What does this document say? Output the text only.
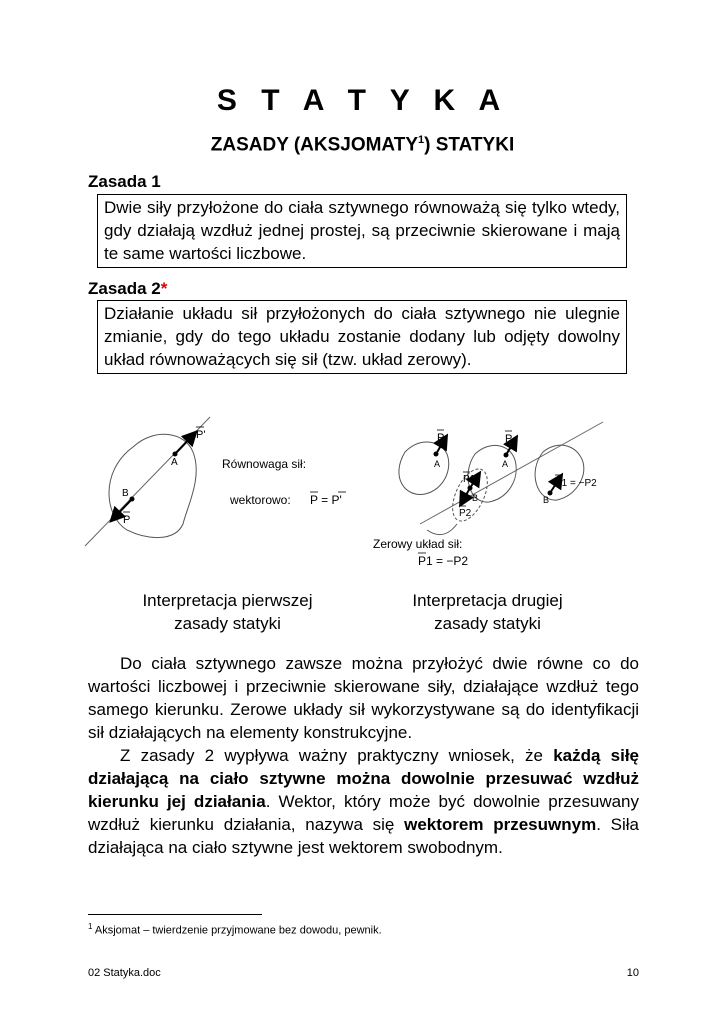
S T A T Y K A
ZASADY (AKSJOMATY$^1$) STATYKI
Zasada 1
Dwie siły przyłożone do ciała sztywnego równoważą się tylko wtedy, gdy działają wzdłuż jednej prostej, są przeciwnie skierowane i mają te same wartości liczbowe.
Zasada 2*
Działanie układu sił przyłożonych do ciała sztywnego nie ulegnie zmianie, gdy do tego układu zostanie dodany lub odjęty dowolny układ równoważących się sił (tzw. układ zerowy).
P'
A
B
P
Równowaga sił:
wektorowo: P = P'
P	P
A	A
P1
B
P2
P1 = −P2
B
Zerowy układ sił:
P1 = −P2
Interpretacja pierwszej
zasady statyki
Interpretacja drugiej
zasady statyki

Do ciała sztywnego zawsze można przyłożyć dwie równe co do wartości liczbowej i przeciwnie skierowane siły, działające wzdłuż tego samego kierunku. Zerowe układy sił wykorzystywane są do identyfikacji sił działających na elementy konstrukcyjne.

Z zasady 2 wypływa ważny praktyczny wniosek, że każdą siłę działającą na ciało sztywne można dowolnie przesuwać wzdłuż kierunku jej działania. Wektor, który może być dowolnie przesuwany wzdłuż kierunku działania, nazywa się wektorem przesuwnym. Siła działająca na ciało sztywne jest wektorem swobodnym.

$^1$ Aksjomat – twierdzenie przyjmowane bez dowodu, pewnik.
02 Statyka.doc	10
